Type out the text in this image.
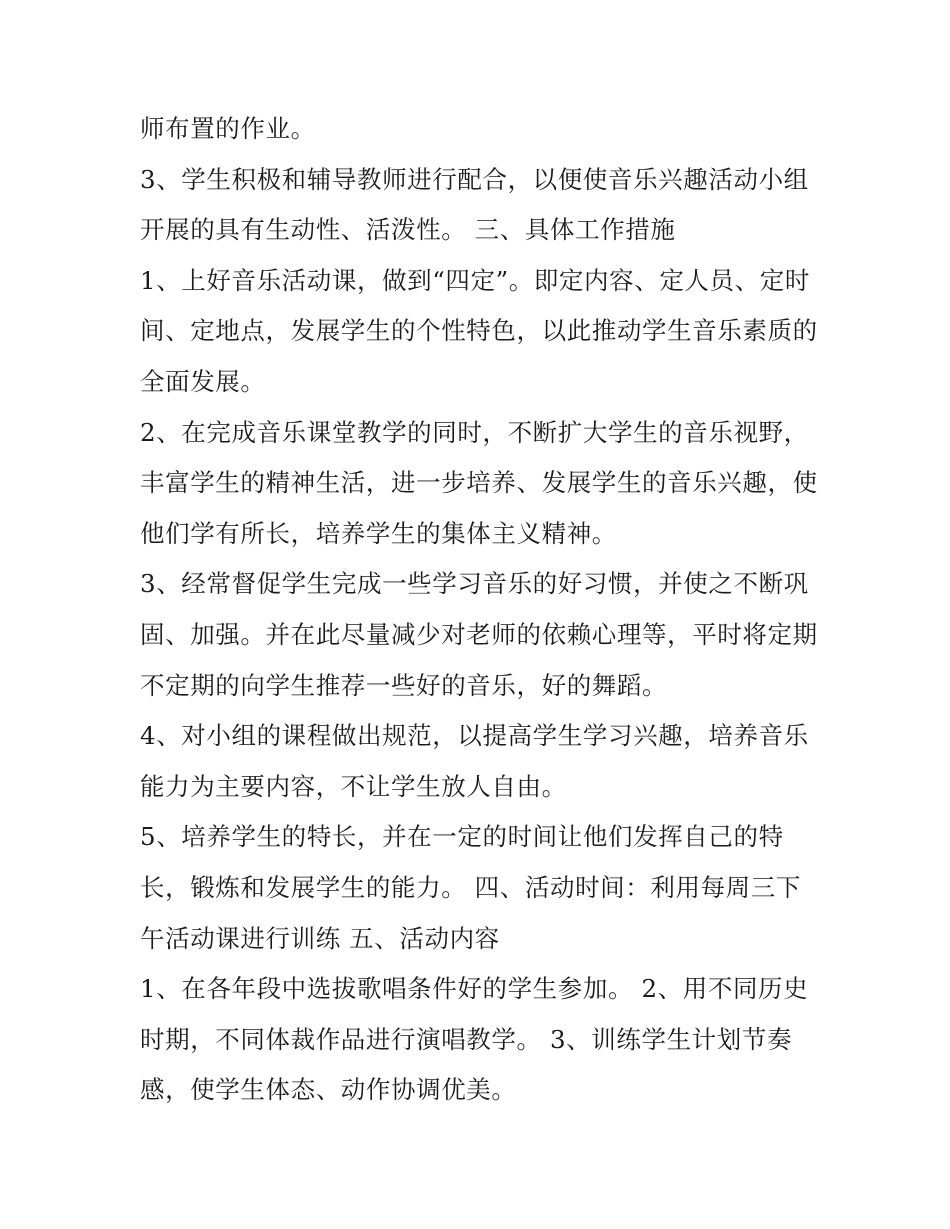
师布置的作业。
3、学生积极和辅导教师进行配合，以便使音乐兴趣活动小组
开展的具有生动性、活泼性。 三、具体工作措施
1、上好音乐活动课，做到“四定”。即定内容、定人员、定时
间、定地点，发展学生的个性特色，以此推动学生音乐素质的
全面发展。
2、在完成音乐课堂教学的同时，不断扩大学生的音乐视野，
丰富学生的精神生活，进一步培养、发展学生的音乐兴趣，使
他们学有所长，培养学生的集体主义精神。
3、经常督促学生完成一些学习音乐的好习惯，并使之不断巩
固、加强。并在此尽量减少对老师的依赖心理等，平时将定期
不定期的向学生推荐一些好的音乐，好的舞蹈。
4、对小组的课程做出规范，以提高学生学习兴趣，培养音乐
能力为主要内容，不让学生放人自由。
5、培养学生的特长，并在一定的时间让他们发挥自己的特
长，锻炼和发展学生的能力。 四、活动时间：利用每周三下
午活动课进行训练 五、活动内容
1、在各年段中选拔歌唱条件好的学生参加。 2、用不同历史
时期，不同体裁作品进行演唱教学。 3、训练学生计划节奏
感，使学生体态、动作协调优美。
